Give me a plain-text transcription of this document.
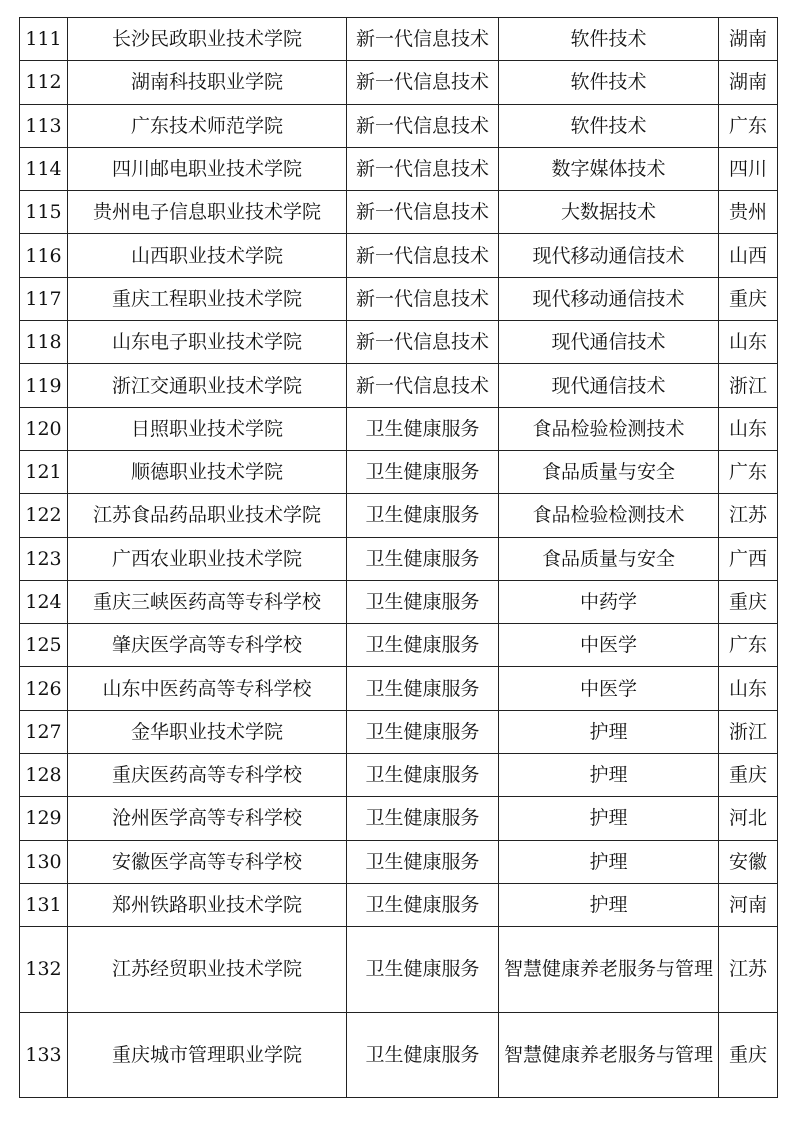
111	长沙民政职业技术学院	新一代信息技术	软件技术	湖南
112	湖南科技职业学院	新一代信息技术	软件技术	湖南
113	广东技术师范学院	新一代信息技术	软件技术	广东
114	四川邮电职业技术学院	新一代信息技术	数字媒体技术	四川
115	贵州电子信息职业技术学院	新一代信息技术	大数据技术	贵州
116	山西职业技术学院	新一代信息技术	现代移动通信技术	山西
117	重庆工程职业技术学院	新一代信息技术	现代移动通信技术	重庆
118	山东电子职业技术学院	新一代信息技术	现代通信技术	山东
119	浙江交通职业技术学院	新一代信息技术	现代通信技术	浙江
120	日照职业技术学院	卫生健康服务	食品检验检测技术	山东
121	顺德职业技术学院	卫生健康服务	食品质量与安全	广东
122	江苏食品药品职业技术学院	卫生健康服务	食品检验检测技术	江苏
123	广西农业职业技术学院	卫生健康服务	食品质量与安全	广西
124	重庆三峡医药高等专科学校	卫生健康服务	中药学	重庆
125	肇庆医学高等专科学校	卫生健康服务	中医学	广东
126	山东中医药高等专科学校	卫生健康服务	中医学	山东
127	金华职业技术学院	卫生健康服务	护理	浙江
128	重庆医药高等专科学校	卫生健康服务	护理	重庆
129	沧州医学高等专科学校	卫生健康服务	护理	河北
130	安徽医学高等专科学校	卫生健康服务	护理	安徽
131	郑州铁路职业技术学院	卫生健康服务	护理	河南
132	江苏经贸职业技术学院	卫生健康服务	智慧健康养老服务与管理	江苏
133	重庆城市管理职业学院	卫生健康服务	智慧健康养老服务与管理	重庆
